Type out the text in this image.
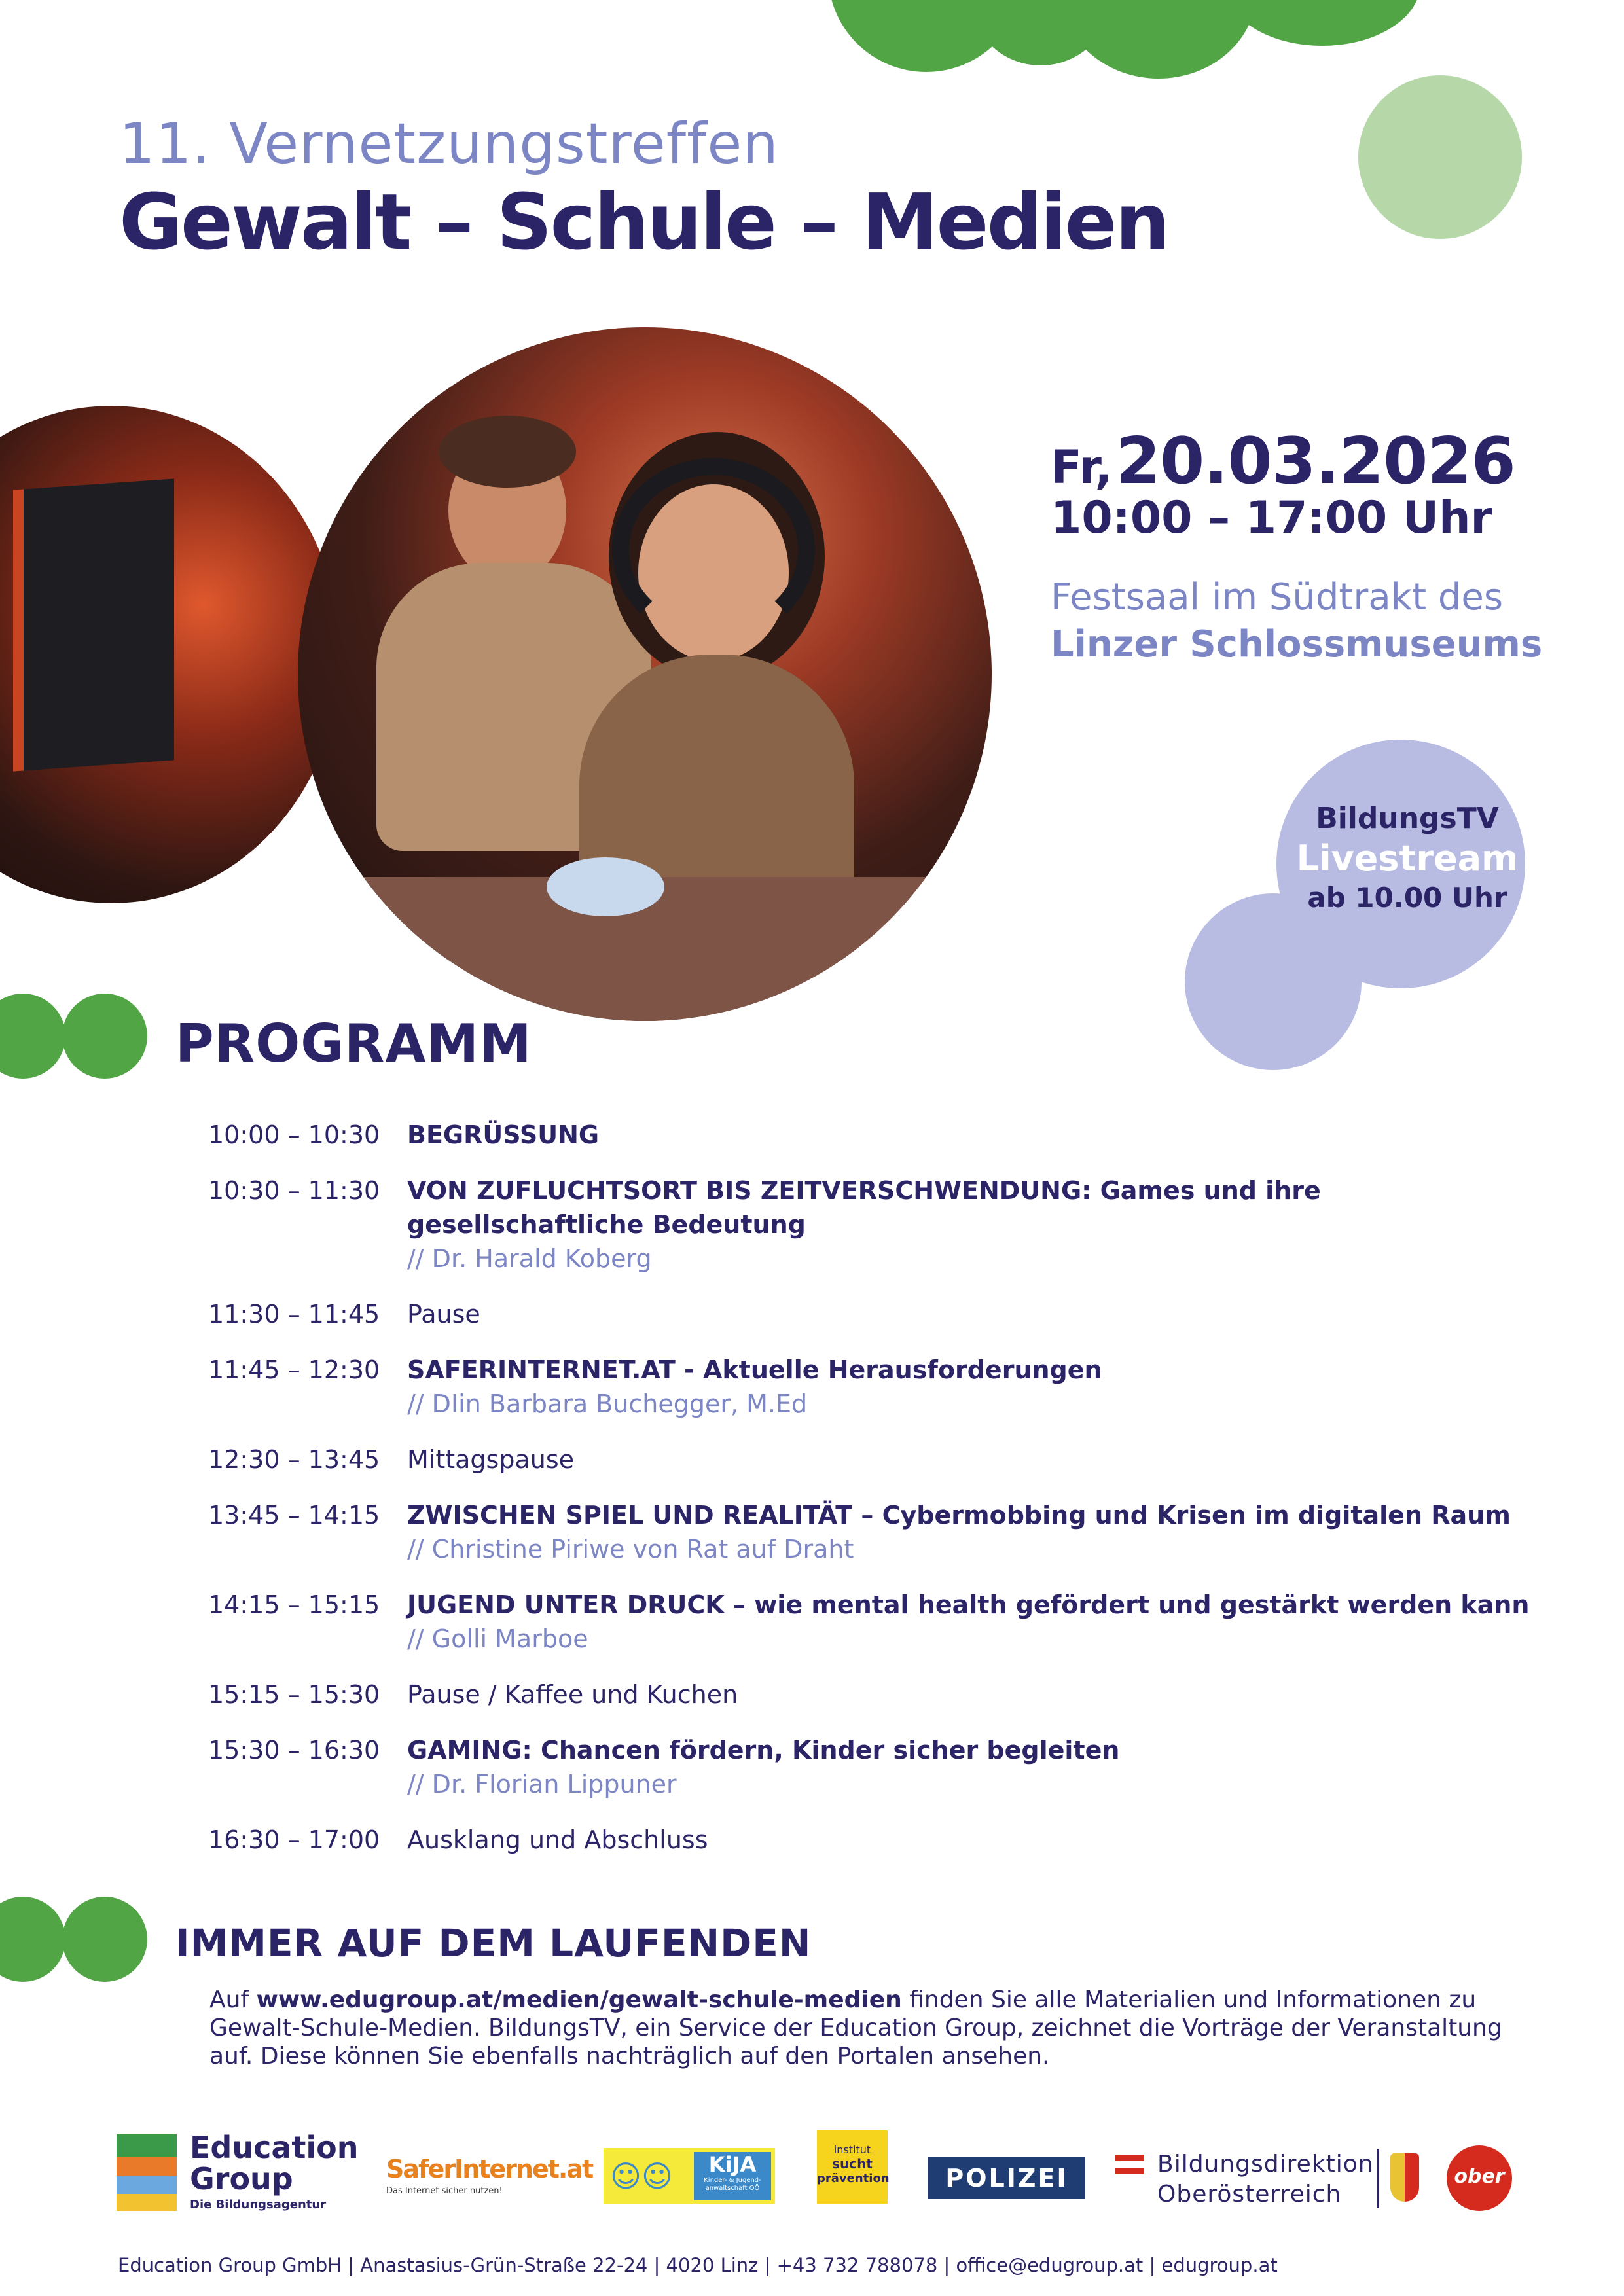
11. Vernetzungstreffen
Gewalt – Schule – Medien
Fr, 20.03.2026
10:00 – 17:00 Uhr
Festsaal im Südtrakt des
Linzer Schlossmuseums
BildungsTV
Livestream
ab 10.00 Uhr
PROGRAMM
10:00 – 10:30	BEGRÜSSUNG
10:30 – 11:30	VON ZUFLUCHTSORT BIS ZEITVERSCHWENDUNG: Games und ihre gesellschaftliche Bedeutung
// Dr. Harald Koberg
11:30 – 11:45	Pause
11:45 – 12:30	SAFERINTERNET.AT - Aktuelle Herausforderungen
// DIin Barbara Buchegger, M.Ed
12:30 – 13:45	Mittagspause
13:45 – 14:15	ZWISCHEN SPIEL UND REALITÄT – Cybermobbing und Krisen im digitalen Raum
// Christine Piriwe von Rat auf Draht
14:15 – 15:15	JUGEND UNTER DRUCK – wie mental health gefördert und gestärkt werden kann
// Golli Marboe
15:15 – 15:30	Pause / Kaffee und Kuchen
15:30 – 16:30	GAMING: Chancen fördern, Kinder sicher begleiten
// Dr. Florian Lippuner
16:30 – 17:00	Ausklang und Abschluss
IMMER AUF DEM LAUFENDEN
Auf www.edugroup.at/medien/gewalt-schule-medien finden Sie alle Materialien und Informationen zu Gewalt-Schule-Medien. BildungsTV, ein Service der Education Group, zeichnet die Vorträge der Veranstaltung auf. Diese können Sie ebenfalls nachträglich auf den Portalen ansehen.
Education
Group
Die Bildungsagentur
SaferInternet.at
Das Internet sicher nutzen!	☺☺	KiJA
Kinder- & Jugend-anwaltschaft OÖ
institut
sucht
prävention	POLIZEI	Bildungsdirektion
Oberösterreich
ober
Education Group GmbH | Anastasius-Grün-Straße 22-24 | 4020 Linz | +43 732 788078 | office@edugroup.at | edugroup.at
